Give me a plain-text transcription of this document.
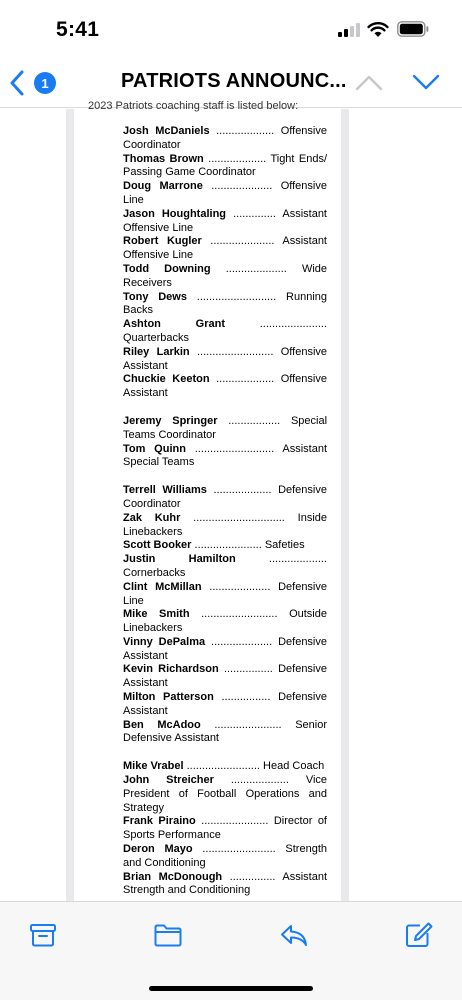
5:41
1	PATRIOTS ANNOUNC...
2023 Patriots coaching staff is listed below:
Josh McDaniels ................... Offensive Coordinator
Thomas Brown ................... Tight Ends/ Passing Game Coordinator
Doug Marrone .................... Offensive Line
Jason Houghtaling .............. Assistant Offensive Line
Robert Kugler ..................... Assistant Offensive Line
Todd Downing .................... Wide Receivers
Tony Dews .......................... Running Backs
Ashton Grant	...................... Quarterbacks
Riley Larkin ......................... Offensive Assistant
Chuckie Keeton ................... Offensive Assistant
Jeremy Springer ................. Special Teams Coordinator
Tom Quinn .......................... Assistant Special Teams
Terrell Williams ................... Defensive Coordinator
Zak Kuhr .............................. Inside Linebackers
Scott Booker ...................... Safeties
Justin Hamilton	................... Cornerbacks
Clint McMillan .................... Defensive Line
Mike Smith ......................... Outside Linebackers
Vinny DePalma .................... Defensive Assistant
Kevin Richardson ................ Defensive Assistant
Milton Patterson ................ Defensive Assistant
Ben McAdoo ...................... Senior Defensive Assistant
Mike Vrabel ........................ Head Coach
John Streicher ................... Vice President of Football Operations and Strategy
Frank Piraino ...................... Director of Sports Performance
Deron Mayo ........................ Strength and Conditioning
Brian McDonough ............... Assistant Strength and Conditioning
